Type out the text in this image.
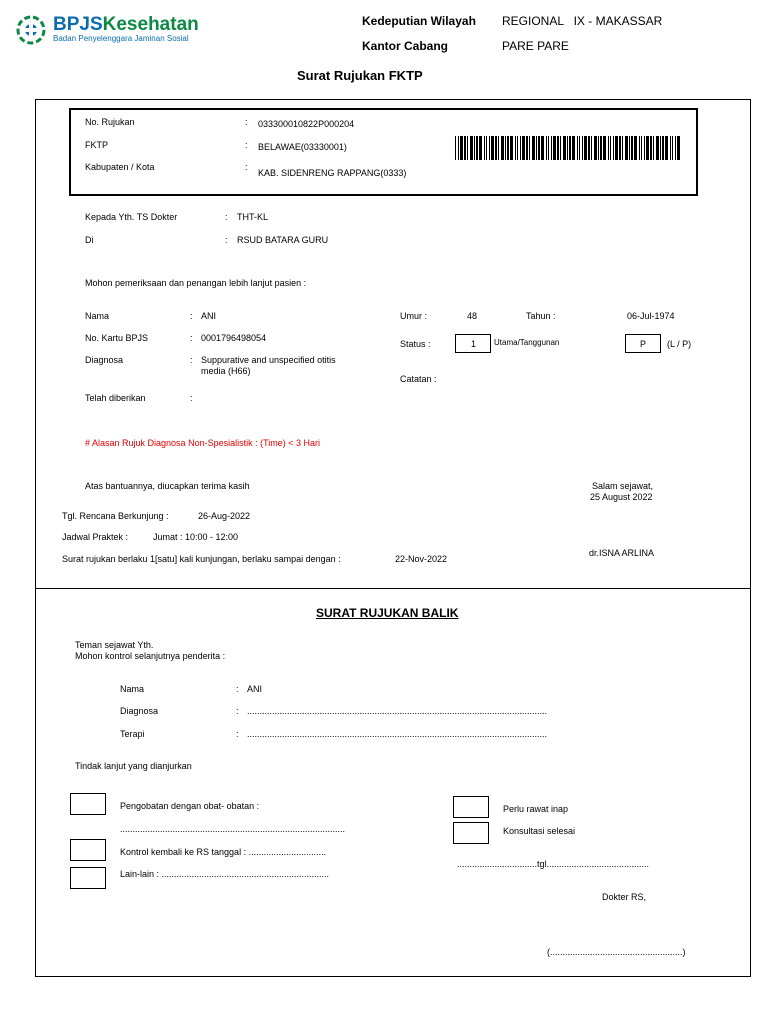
BPJSKesehatan
Badan Penyelenggara Jaminan Sosial
Kedeputian Wilayah REGIONAL   IX - MAKASSAR
Kantor Cabang	PARE PARE
Surat Rujukan FKTP
No. Rujukan	: 033300010822P000204
FKTP	: BELAWAE(03330001)
Kabupaten / Kota	:
KAB. SIDENRENG RAPPANG(0333)
Kepada Yth. TS Dokter	: THT-KL
Di	: RSUD BATARA GURU
Mohon pemeriksaan dan penangan lebih lanjut pasien :
Nama	: ANI
No. Kartu BPJS	: 0001796498054
Diagnosa	: Suppurative and unspecified otitis
media (H66)
Telah diberikan	:
Umur :	48	Tahun :	06-Jul-1974
Status :	1 Utama/Tanggunan	P (L / P)
Catatan :
# Alasan Rujuk Diagnosa Non-Spesialistik : (Time) < 3 Hari
Atas bantuannya, diucapkan terima kasih	Salam sejawat,
25 August 2022
Tgl. Rencana Berkunjung :	26-Aug-2022
Jadwal Praktek :	Jumat : 10:00 - 12:00
Surat rujukan berlaku 1[satu] kali kunjungan, berlaku sampai dengan :	22-Nov-2022
dr.ISNA ARLINA
SURAT RUJUKAN BALIK
Teman sejawat Yth.
Mohon kontrol selanjutnya penderita :
Nama	: ANI
Diagnosa	: ........................................................................................................................
Terapi	: ........................................................................................................................
Tindak lanjut yang dianjurkan
Pengobatan dengan obat- obatan :
..........................................................................................
Kontrol kembali ke RS tanggal : ...............................
Lain-lain : ...................................................................
Perlu rawat inap
Konsultasi selesai
................................tgl.........................................
Dokter RS,
(.....................................................)
